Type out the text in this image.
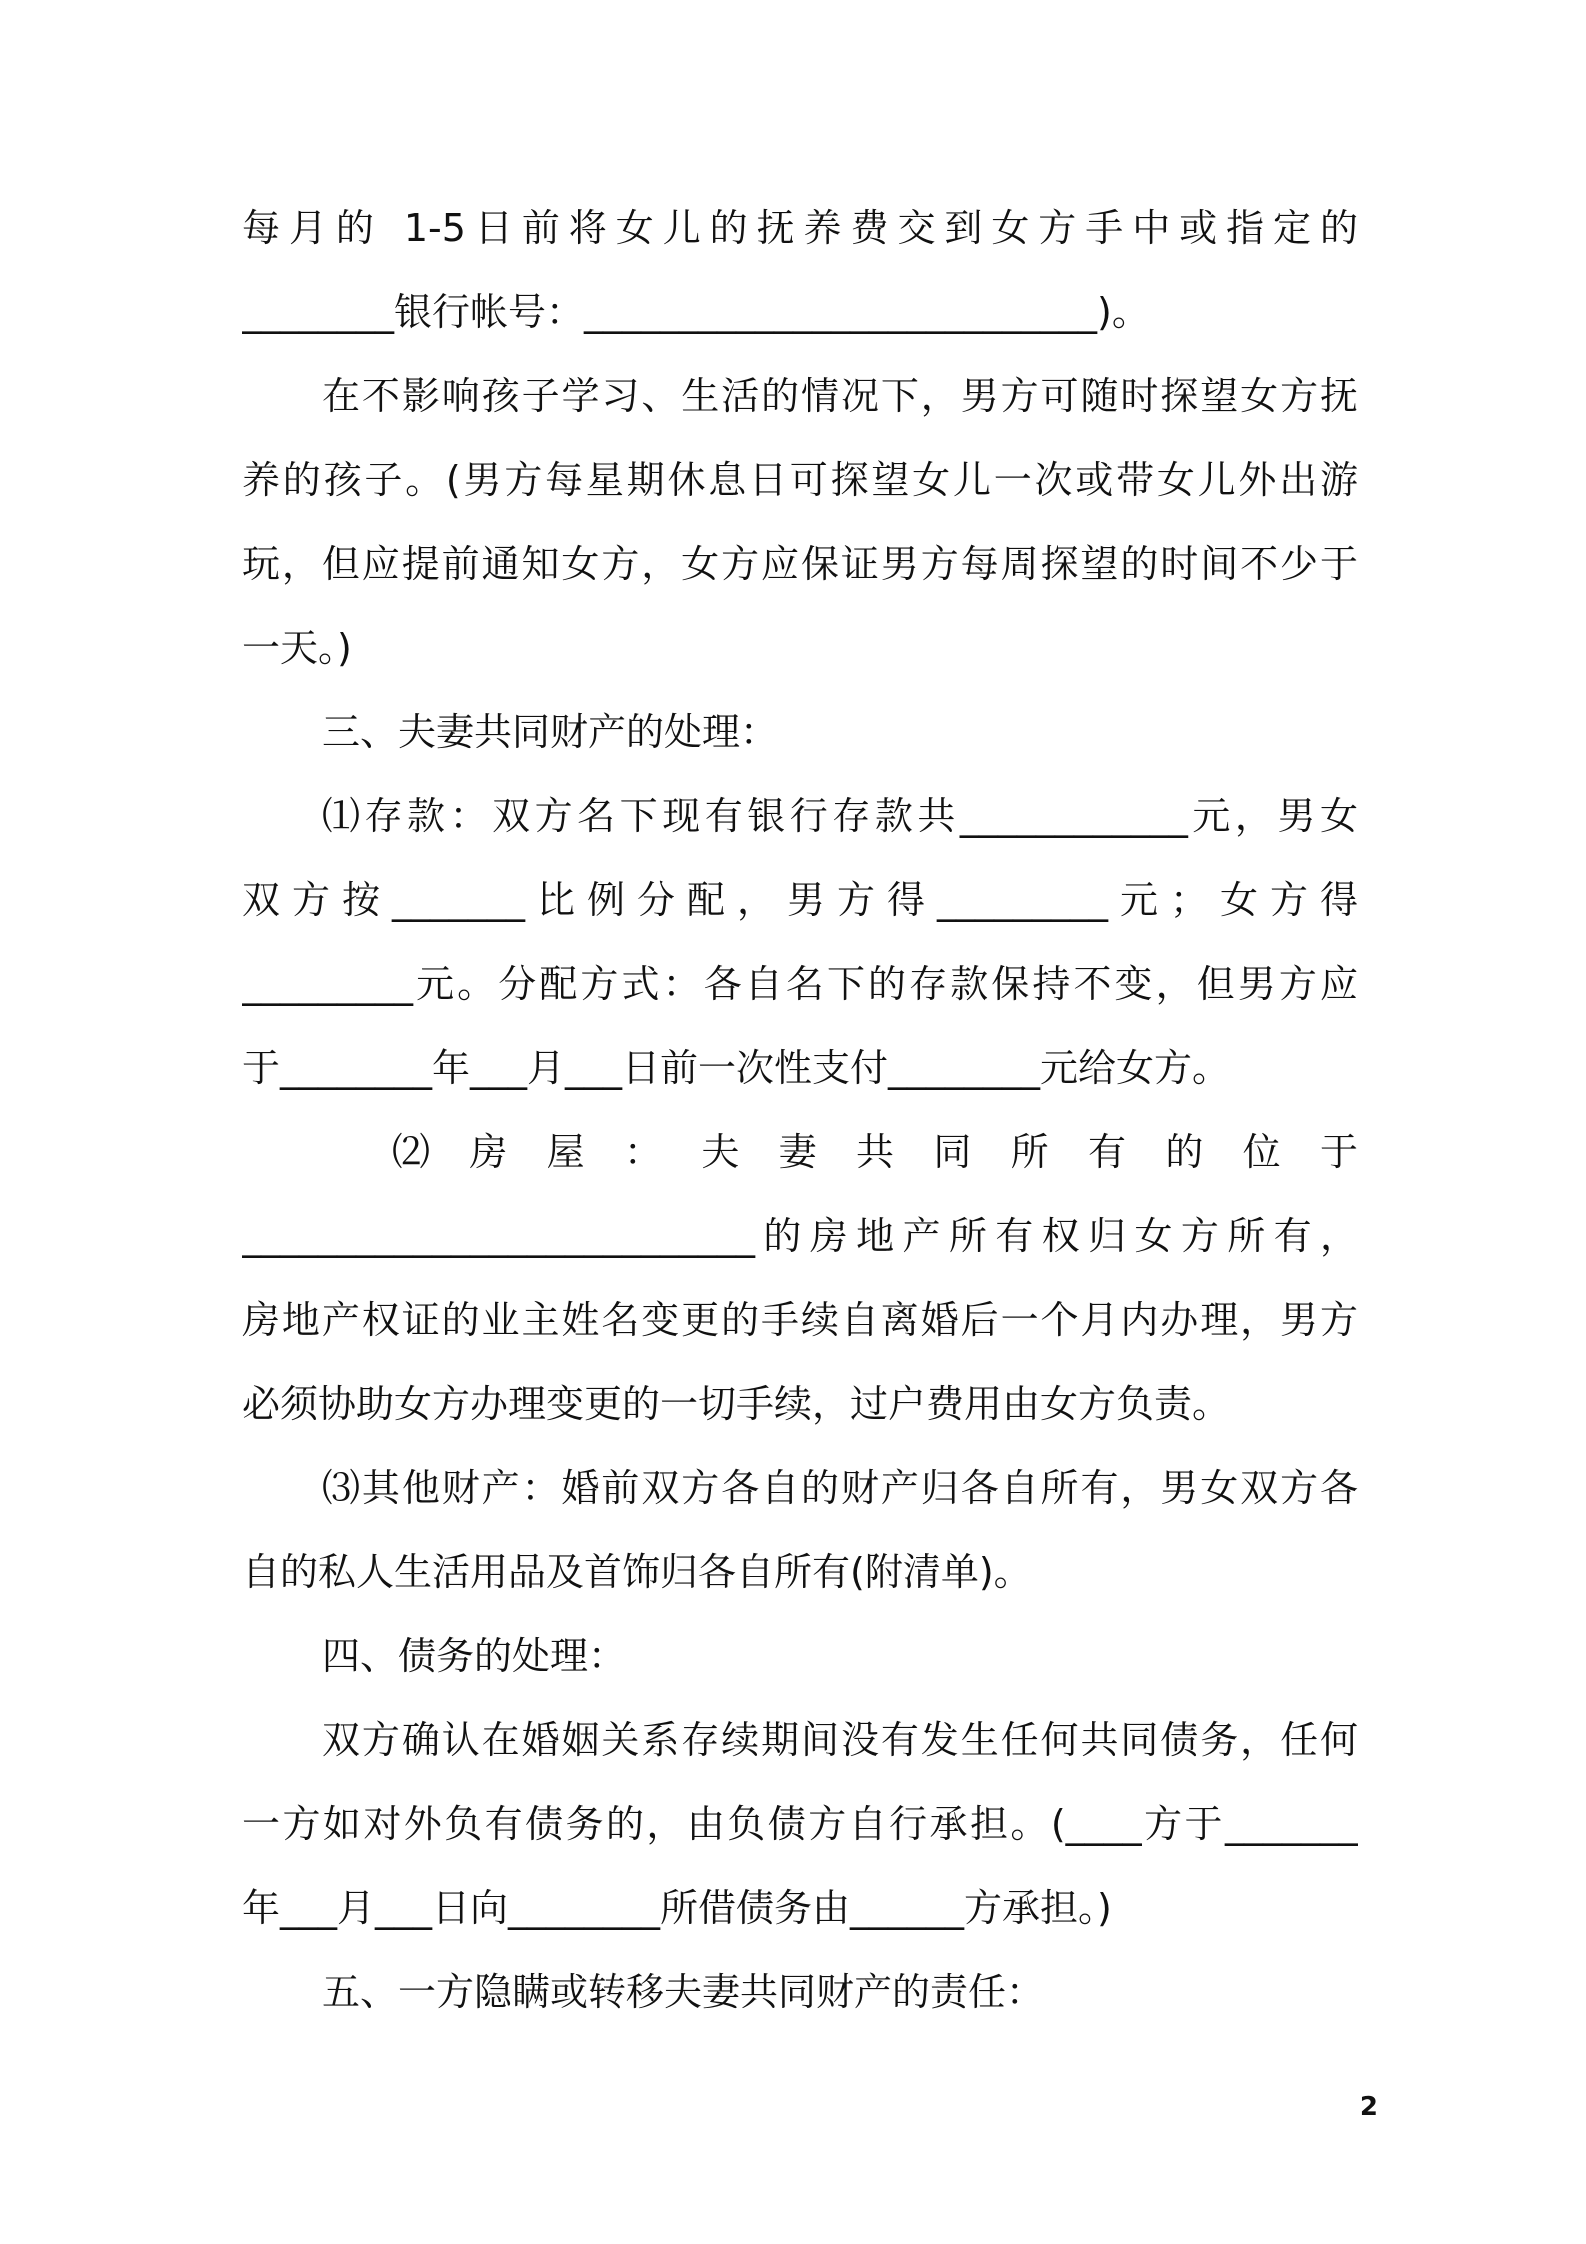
每月的 1-5日前将女儿的抚养费交到女方手中或指定的
________银行帐号：___________________________)。
在不影响孩子学习、生活的情况下，男方可随时探望女方抚
养的孩子。(男方每星期休息日可探望女儿一次或带女儿外出游
玩，但应提前通知女方，女方应保证男方每周探望的时间不少于
一天。)
三、夫妻共同财产的处理：
⑴存款：双方名下现有银行存款共____________元，男女
双方按_______比例分配，男方得_________元；女方得
_________元。分配方式：各自名下的存款保持不变，但男方应
于________年___月___日前一次性支付________元给女方。
⑵ 房 屋 ： 夫 妻 共 同 所 有 的 位 于
___________________________的房地产所有权归女方所有，
房地产权证的业主姓名变更的手续自离婚后一个月内办理，男方
必须协助女方办理变更的一切手续，过户费用由女方负责。
⑶其他财产：婚前双方各自的财产归各自所有，男女双方各
自的私人生活用品及首饰归各自所有(附清单)。
四、债务的处理：
双方确认在婚姻关系存续期间没有发生任何共同债务，任何
一方如对外负有债务的，由负债方自行承担。(____方于_______
年___月___日向________所借债务由______方承担。)
五、一方隐瞒或转移夫妻共同财产的责任：
2
